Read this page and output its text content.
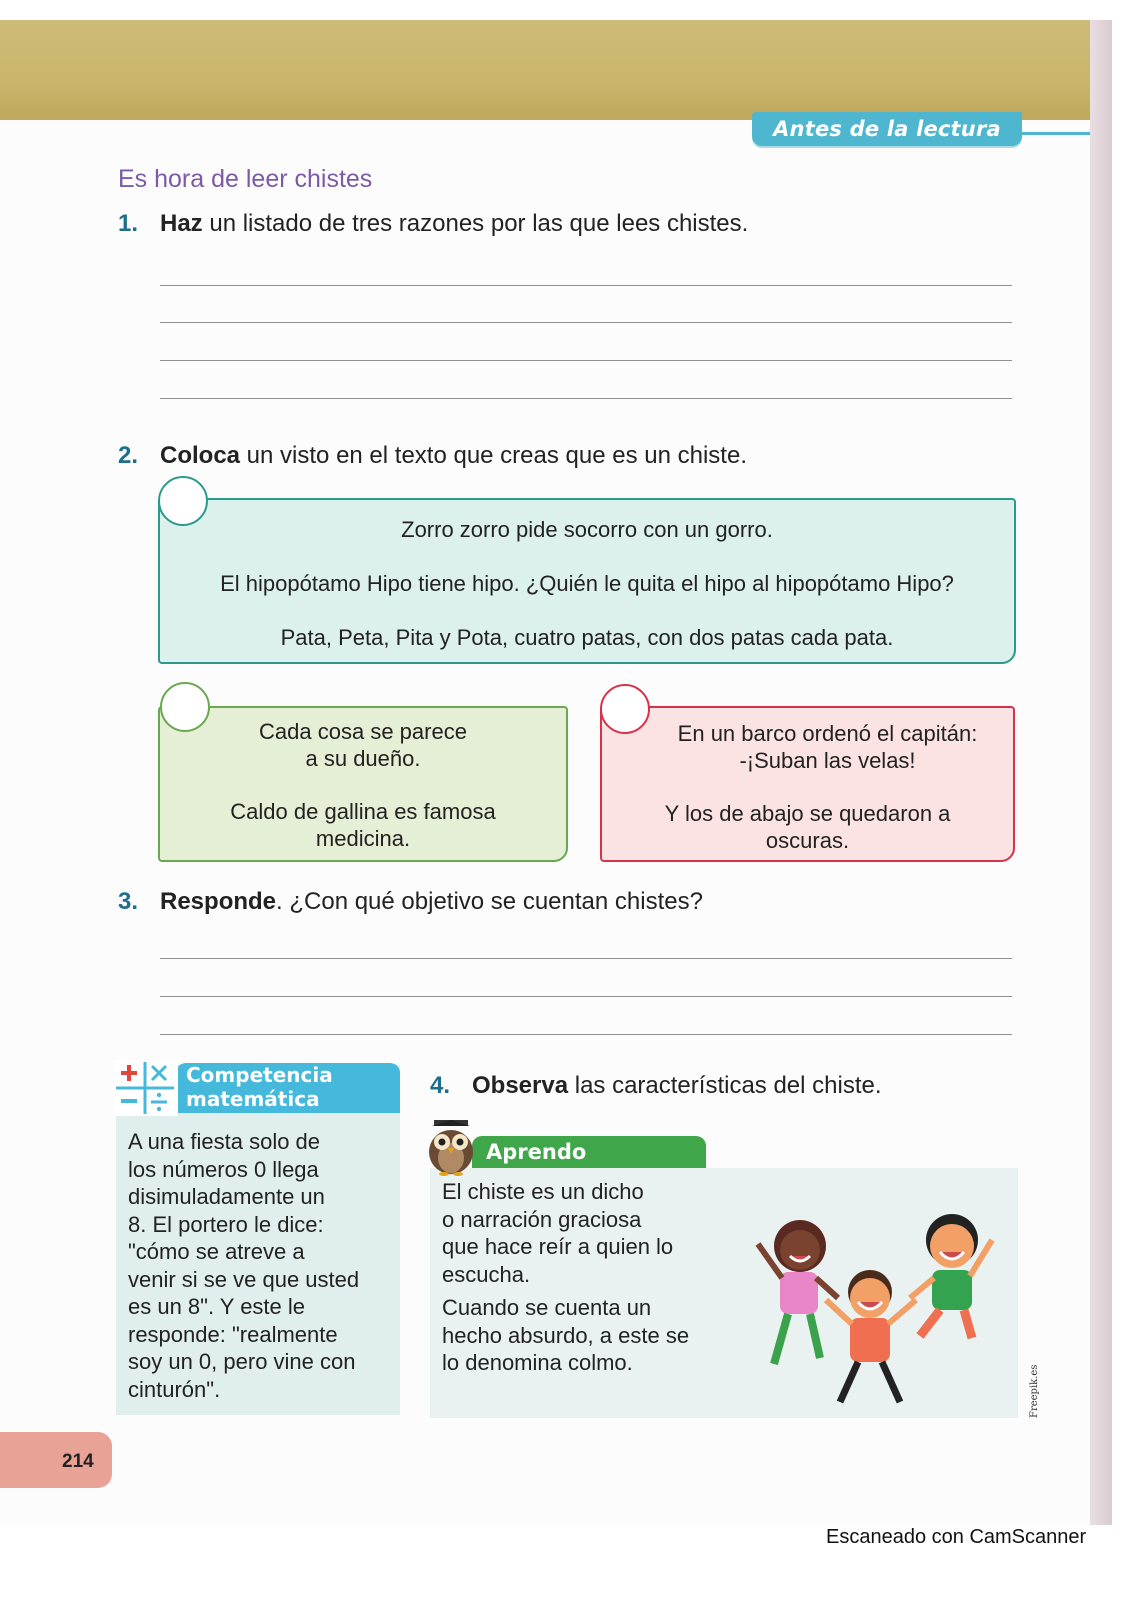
Antes de la lectura
Es hora de leer chistes
1. Haz un listado de tres razones por las que lees chistes.
2. Coloca un visto en el texto que creas que es un chiste.
Zorro zorro pide socorro con un gorro.
El hipopótamo Hipo tiene hipo. ¿Quién le quita el hipo al hipopótamo Hipo?
Pata, Peta, Pita y Pota, cuatro patas, con dos patas cada pata.
Cada cosa se parece
a su dueño.
Caldo de gallina es famosa
medicina.
En un barco ordenó el capitán:
-¡Suban las velas!
Y los de abajo se quedaron a
oscuras.
3. Responde. ¿Con qué objetivo se cuentan chistes?
Competencia
matemática
A una fiesta solo de
los números 0 llega
disimuladamente un
8. El portero le dice:
"cómo se atreve a
venir si se ve que usted
es un 8". Y este le
responde: "realmente
soy un 0, pero vine con
cinturón".
4. Observa las características del chiste.
Aprendo
El chiste es un dicho
o narración graciosa
que hace reír a quien lo
escucha.
Cuando se cuenta un
hecho absurdo, a este se
lo denomina colmo.
Freepik.es
214
Escaneado con CamScanner
